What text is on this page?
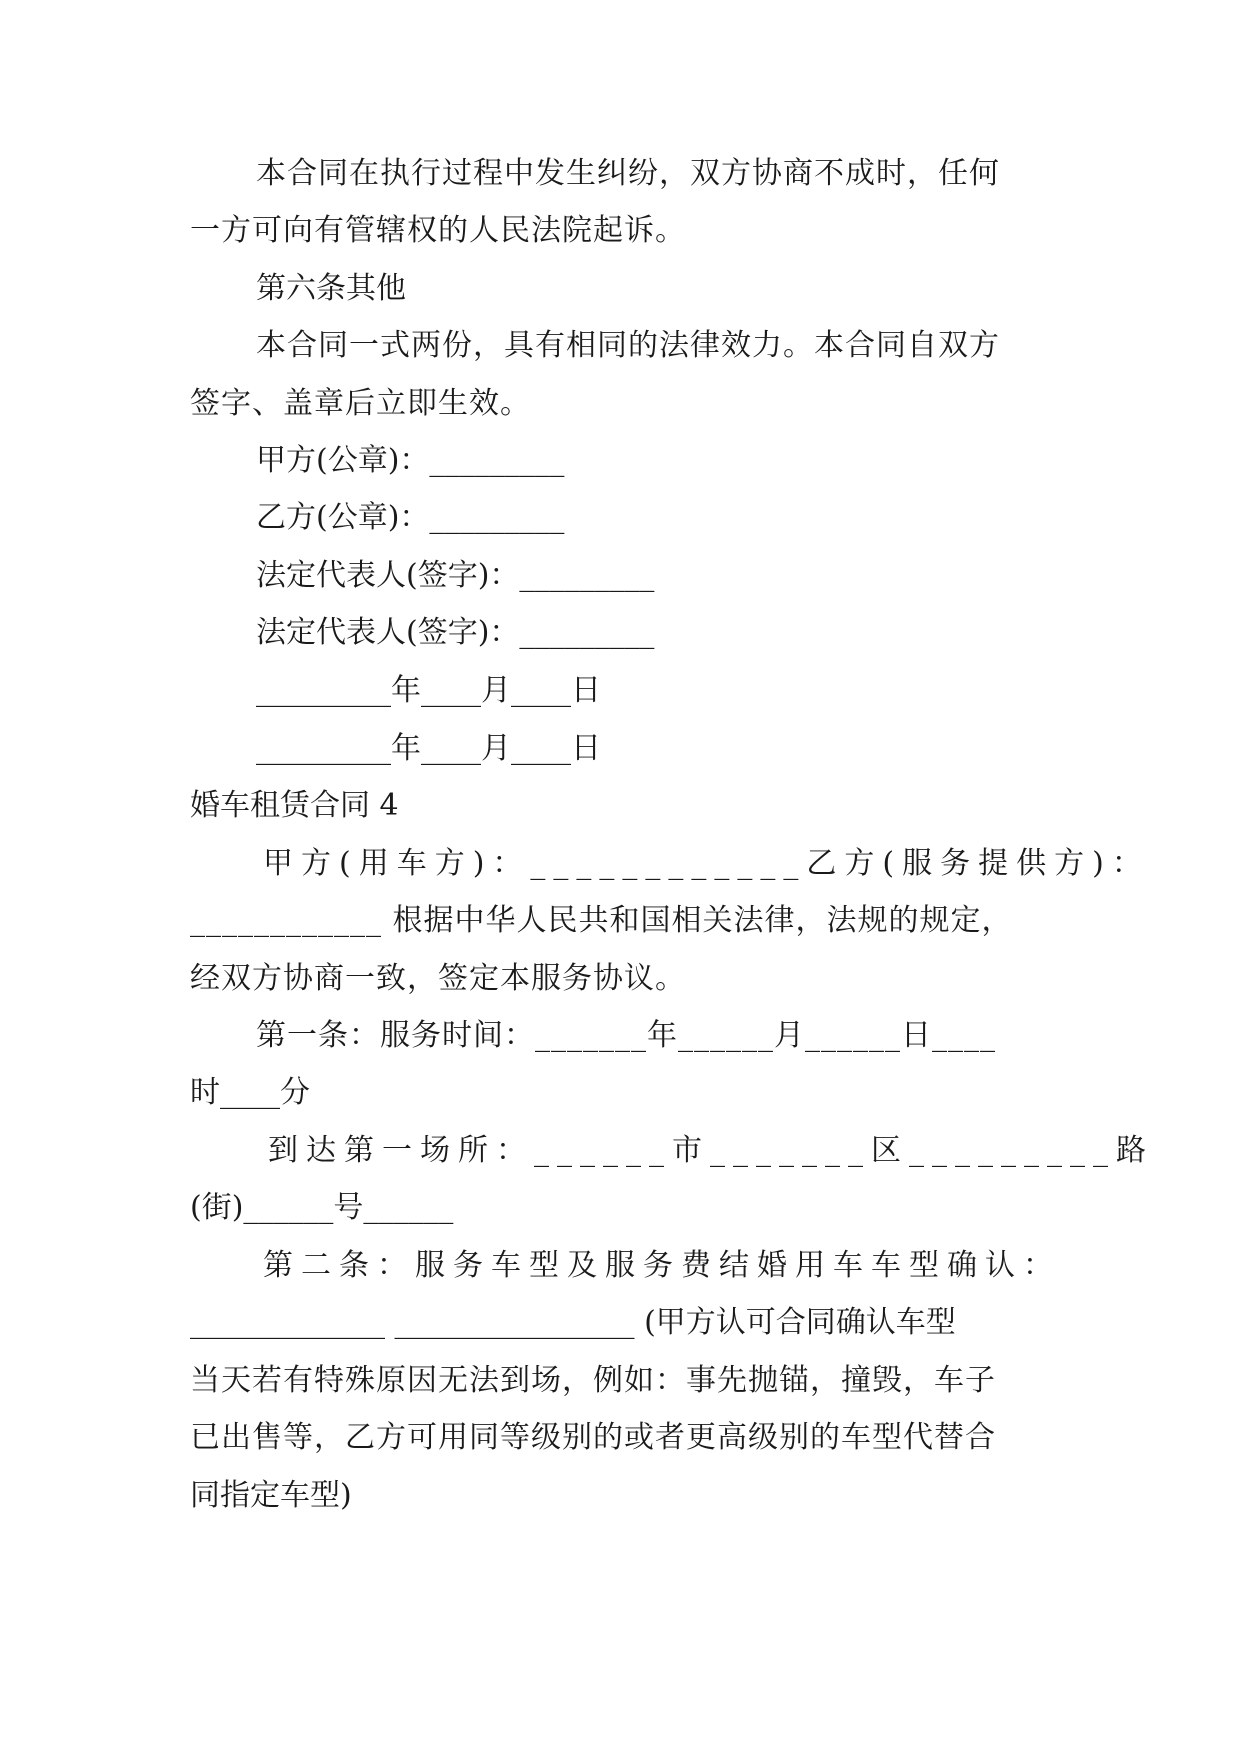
本合同在执行过程中发生纠纷，双方协商不成时，任何
一方可向有管辖权的人民法院起诉。
第六条其他
本合同一式两份，具有相同的法律效力。本合同自双方
签字、盖章后立即生效。
甲方(公章)：_________
乙方(公章)：_________
法定代表人(签字)：_________
法定代表人(签字)：_________
_________年____月____日
_________年____月____日
婚车租赁合同 4
甲方(用车方)：____________乙方(服务提供方)：
____________ 根据中华人民共和国相关法律，法规的规定，
经双方协商一致，签定本服务协议。
第一条：服务时间：_______年______月______日____
时____分
到达第一场所：______市_______区_________路
(街)______号______
第二条：服务车型及服务费结婚用车车型确认：
_____________ ________________ (甲方认可合同确认车型
当天若有特殊原因无法到场，例如：事先抛锚，撞毁，车子
已出售等，乙方可用同等级别的或者更高级别的车型代替合
同指定车型)
